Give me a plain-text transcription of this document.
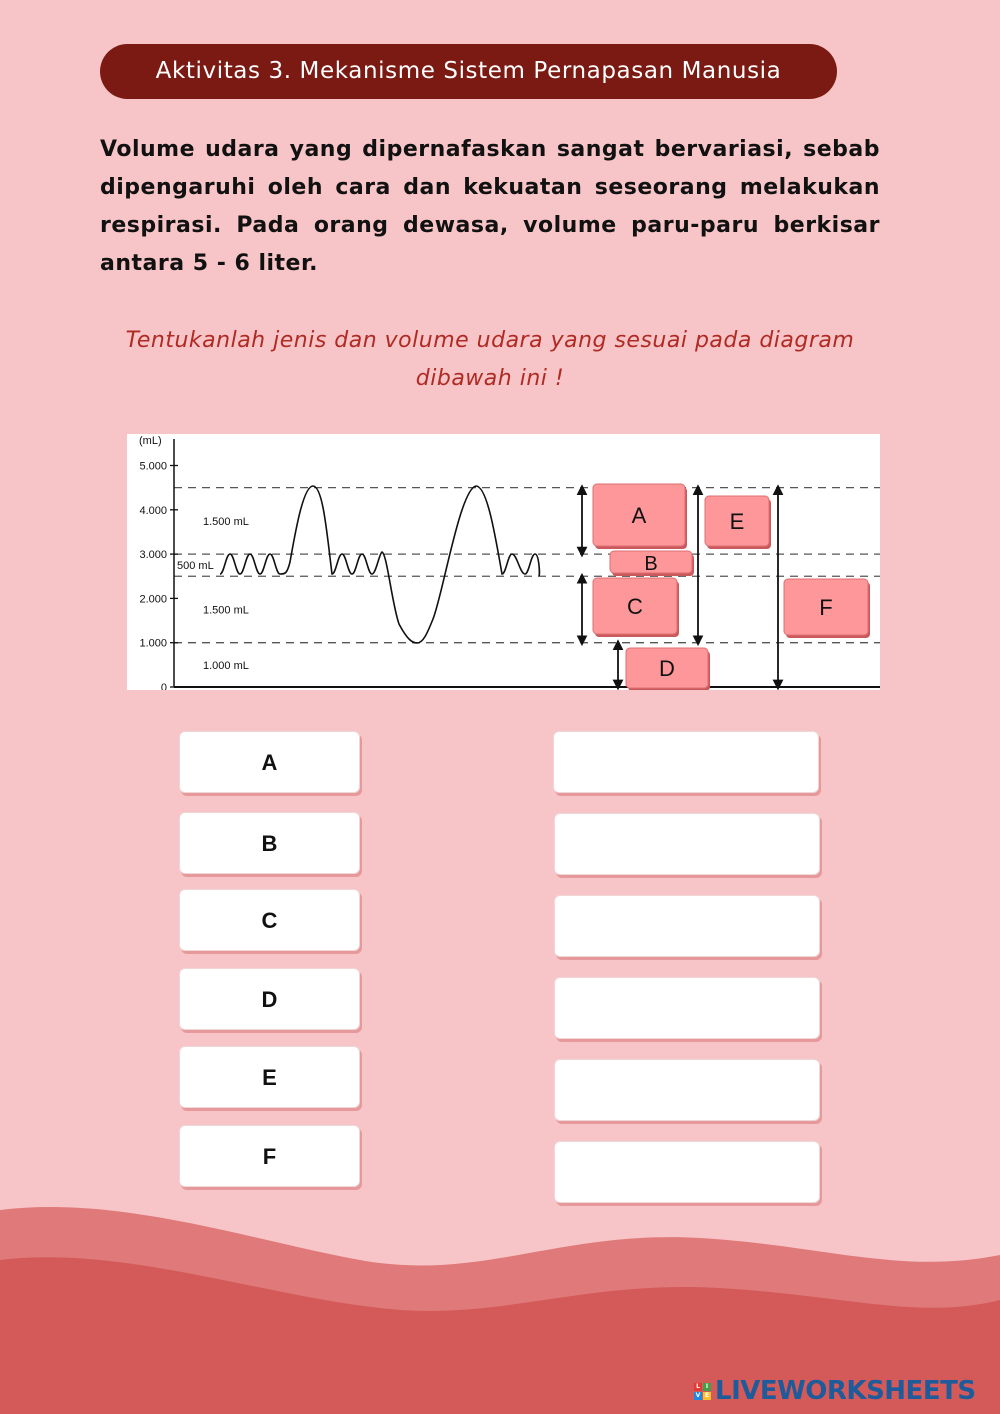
Aktivitas 3. Mekanisme Sistem Pernapasan Manusia
Volume udara yang dipernafaskan sangat bervariasi, sebab dipengaruhi oleh cara dan kekuatan seseorang melakukan respirasi. Pada orang dewasa, volume paru-paru berkisar antara 5 - 6 liter.
Tentukanlah jenis dan volume udara yang sesuai pada diagram dibawah ini !
(mL)
5.000
4.000
3.000
2.000
1.000
0
1.500 mL
500 mL
1.500 mL
1.000 mL
A
B
C
D
E
F
A
B
C
D
E
F
L I
V E LIVEWORKSHEETS
